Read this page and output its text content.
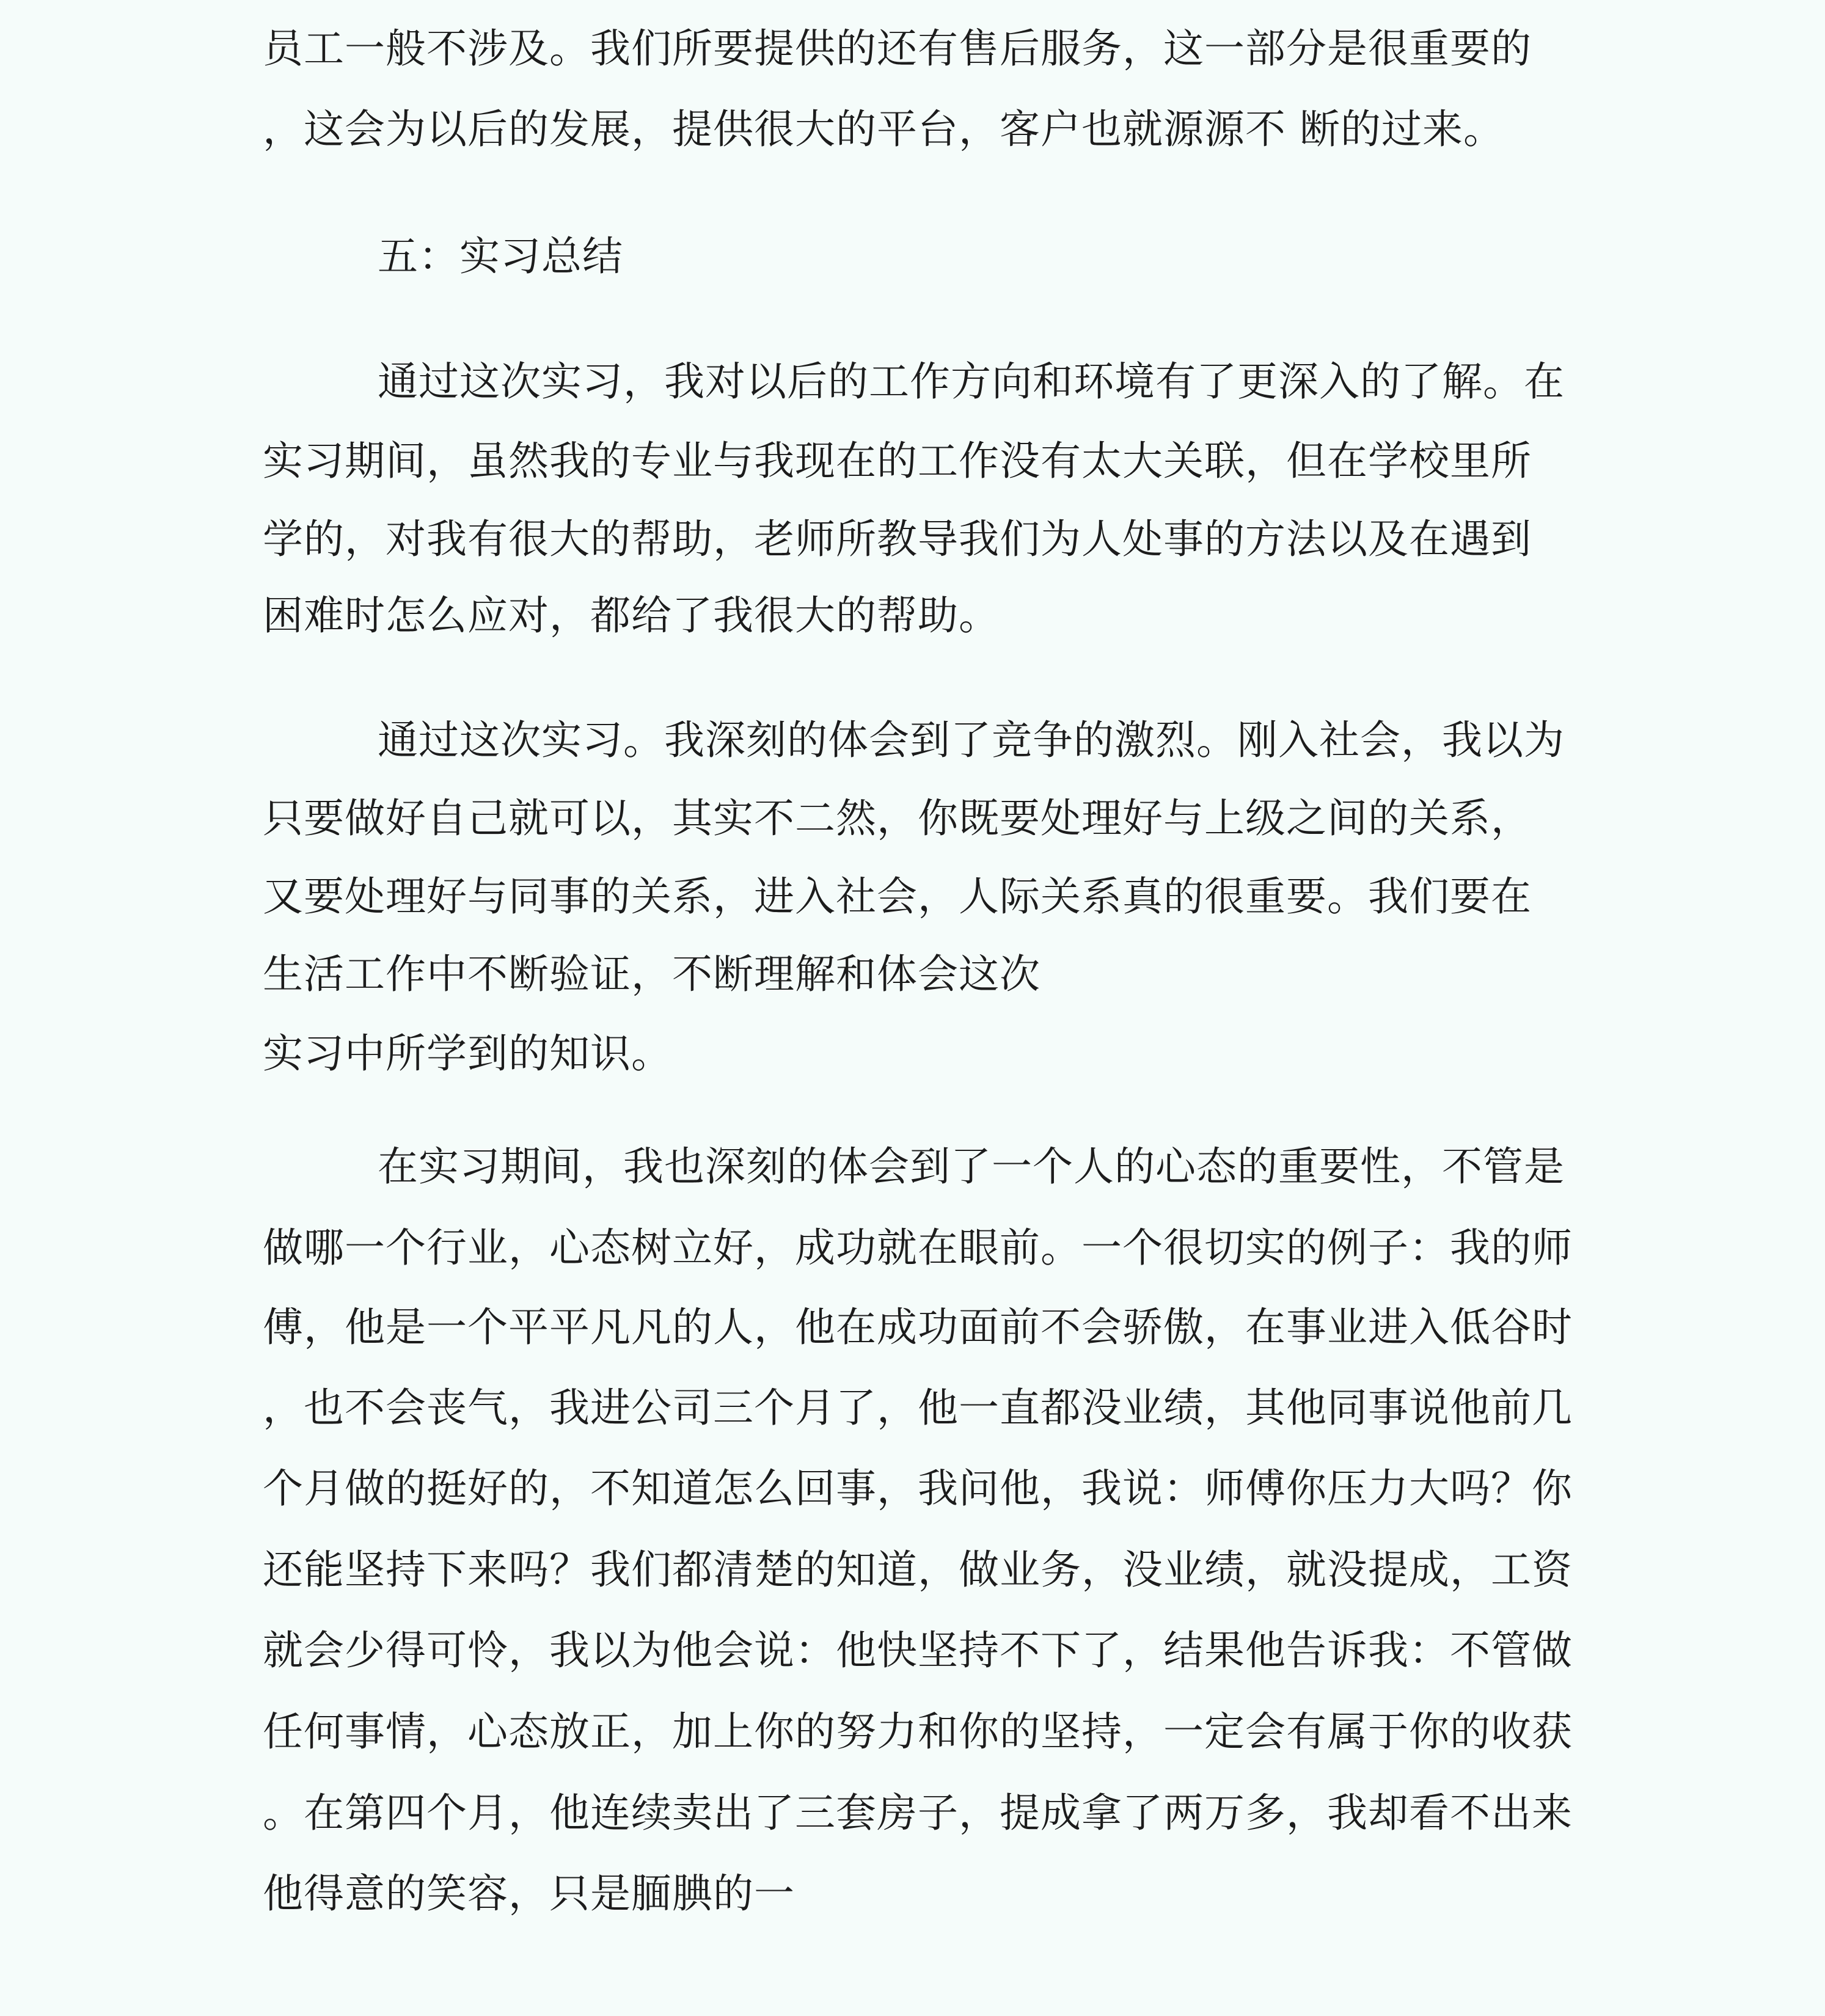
员工一般不涉及。我们所要提供的还有售后服务，这一部分是很重要的
，这会为以后的发展，提供很大的平台，客户也就源源不 断的过来。
五：实习总结
通过这次实习，我对以后的工作方向和环境有了更深入的了解。在
实习期间，虽然我的专业与我现在的工作没有太大关联，但在学校里所
学的，对我有很大的帮助，老师所教导我们为人处事的方法以及在遇到
困难时怎么应对，都给了我很大的帮助。
通过这次实习。我深刻的体会到了竞争的激烈。刚入社会，我以为
只要做好自己就可以，其实不二然，你既要处理好与上级之间的关系，
又要处理好与同事的关系，进入社会，人际关系真的很重要。我们要在
生活工作中不断验证，不断理解和体会这次
实习中所学到的知识。
在实习期间，我也深刻的体会到了一个人的心态的重要性，不管是
做哪一个行业，心态树立好，成功就在眼前。一个很切实的例子：我的师
傅，他是一个平平凡凡的人，他在成功面前不会骄傲，在事业进入低谷时
，也不会丧气，我进公司三个月了，他一直都没业绩，其他同事说他前几
个月做的挺好的，不知道怎么回事，我问他，我说：师傅你压力大吗？你
还能坚持下来吗？我们都清楚的知道，做业务，没业绩，就没提成，工资
就会少得可怜，我以为他会说：他快坚持不下了，结果他告诉我：不管做
任何事情，心态放正，加上你的努力和你的坚持，一定会有属于你的收获
。在第四个月，他连续卖出了三套房子，提成拿了两万多，我却看不出来
他得意的笑容，只是腼腆的一
